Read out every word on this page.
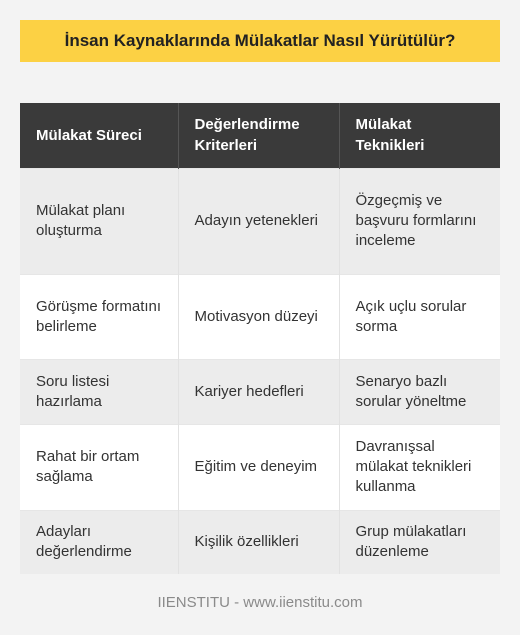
İnsan Kaynaklarında Mülakatlar Nasıl Yürütülür?
Mülakat Süreci	Değerlendirme Kriterleri	Mülakat Teknikleri
Mülakat planı oluşturma	Adayın yetenekleri	Özgeçmiş ve başvuru formlarını inceleme
Görüşme formatını belirleme	Motivasyon düzeyi	Açık uçlu sorular sorma
Soru listesi hazırlama	Kariyer hedefleri	Senaryo bazlı sorular yöneltme
Rahat bir ortam sağlama	Eğitim ve deneyim	Davranışsal mülakat teknikleri kullanma
Adayları değerlendirme	Kişilik özellikleri	Grup mülakatları düzenleme
IIENSTITU - www.iienstitu.com
